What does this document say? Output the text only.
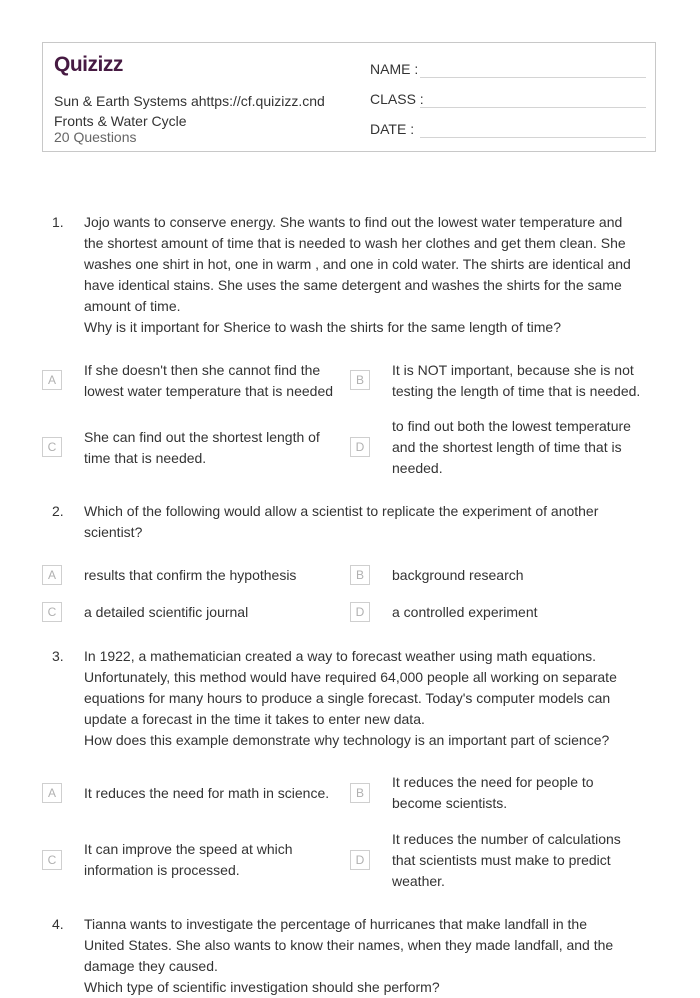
Quizizz
Sun & Earth Systems ahttps://cf.quizizz.cnd
Fronts & Water Cycle
20 Questions
NAME :
CLASS :
DATE :
1.	Jojo wants to conserve energy. She wants to find out the lowest water temperature and
the shortest amount of time that is needed to wash her clothes and get them clean. She
washes one shirt in hot, one in warm , and one in cold water. The shirts are identical and
have identical stains. She uses the same detergent and washes the shirts for the same
amount of time.
Why is it important for Sherice to wash the shirts for the same length of time?
A
If she doesn't then she cannot find the
lowest water temperature that is needed
B
It is NOT important, because she is not
testing the length of time that is needed.
C
She can find out the shortest length of
time that is needed.
D
to find out both the lowest temperature
and the shortest length of time that is
needed.
2.	Which of the following would allow a scientist to replicate the experiment of another
scientist?
A	results that confirm the hypothesis	B	background research
C	a detailed scientific journal	D	a controlled experiment
3.	In 1922, a mathematician created a way to forecast weather using math equations.
Unfortunately, this method would have required 64,000 people all working on separate
equations for many hours to produce a single forecast. Today's computer models can
update a forecast in the time it takes to enter new data.
How does this example demonstrate why technology is an important part of science?
A	It reduces the need for math in science.	B
It reduces the need for people to
become scientists.
C
It can improve the speed at which
information is processed.
D
It reduces the number of calculations
that scientists must make to predict
weather.
4.	Tianna wants to investigate the percentage of hurricanes that make landfall in the
United States. She also wants to know their names, when they made landfall, and the
damage they caused.
Which type of scientific investigation should she perform?
